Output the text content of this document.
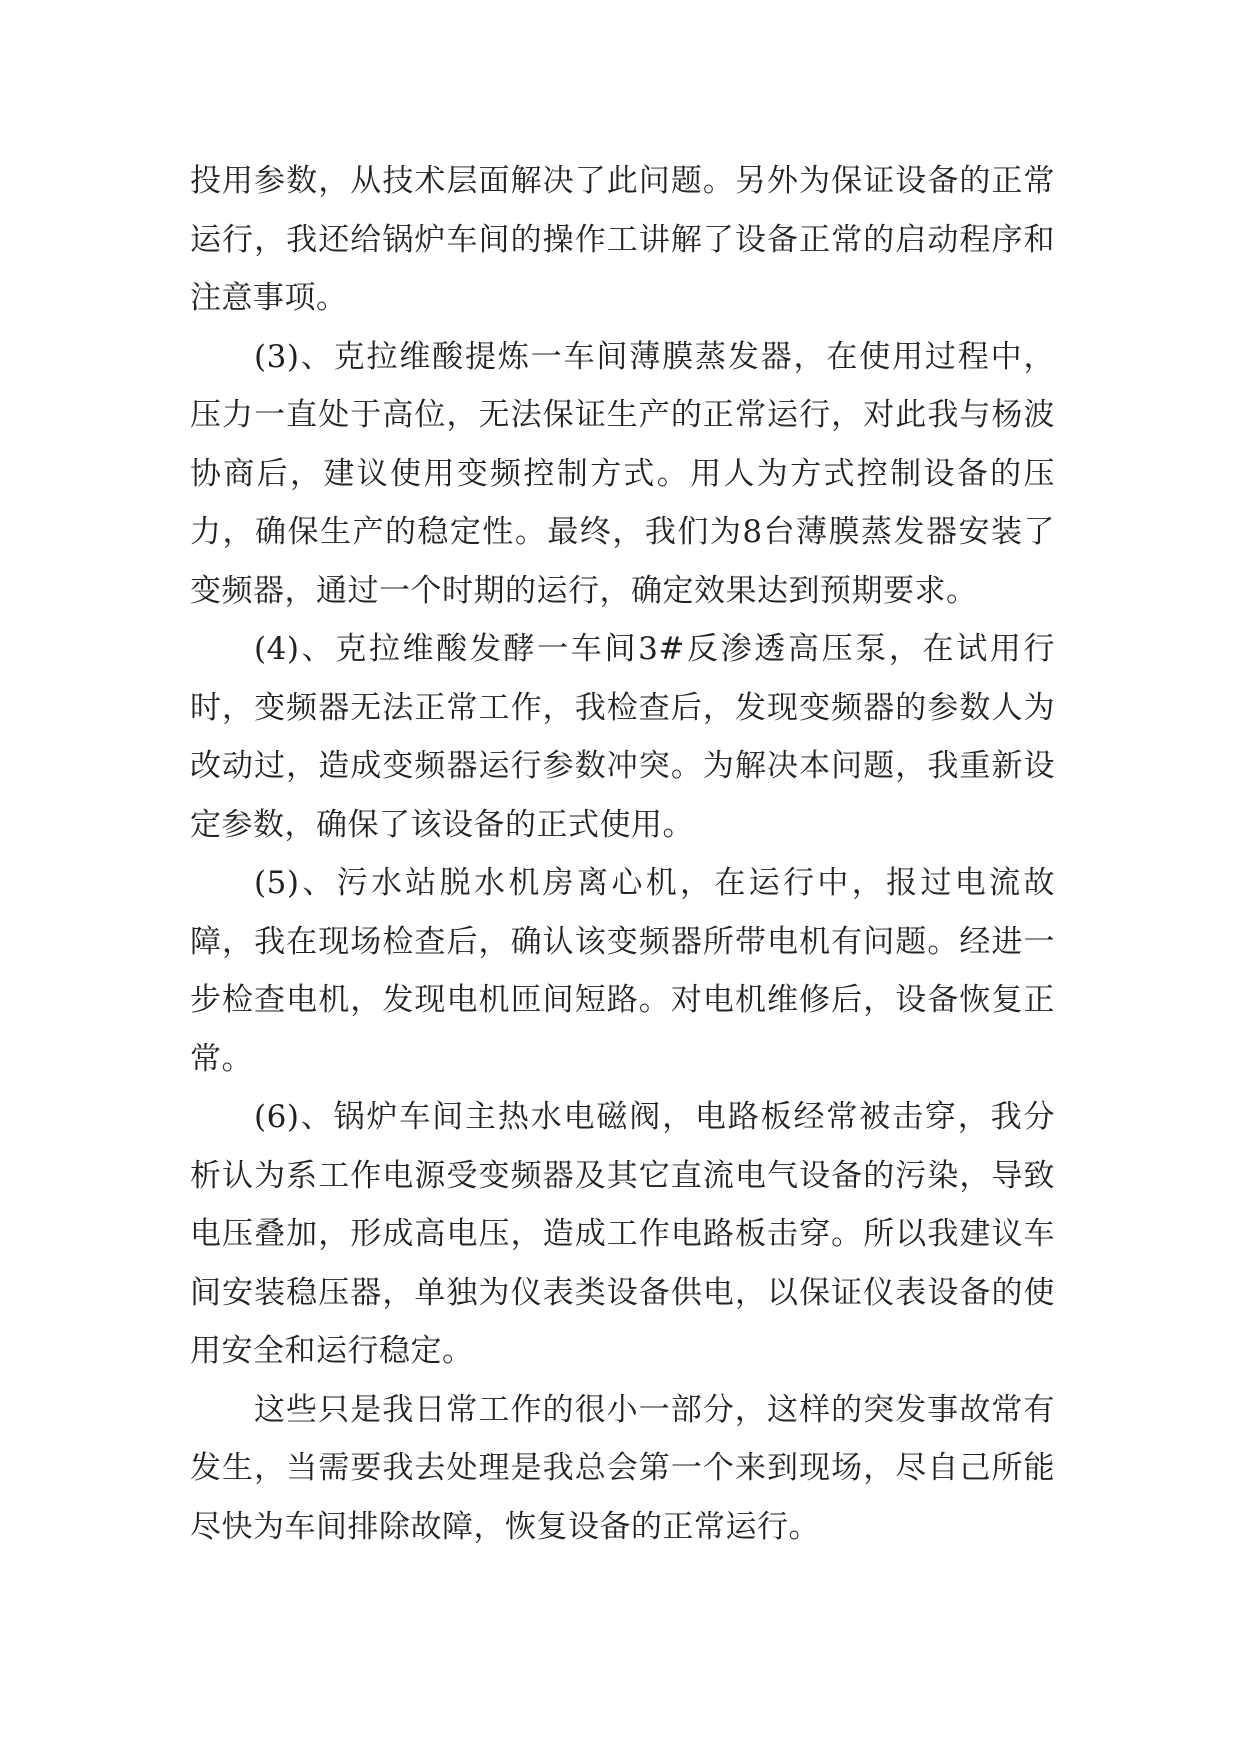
投用参数，从技术层面解决了此问题。另外为保证设备的正常运行，我还给锅炉车间的操作工讲解了设备正常的启动程序和注意事项。

(3)、克拉维酸提炼一车间薄膜蒸发器，在使用过程中，压力一直处于高位，无法保证生产的正常运行，对此我与杨波协商后，建议使用变频控制方式。用人为方式控制设备的压力，确保生产的稳定性。最终，我们为8台薄膜蒸发器安装了变频器，通过一个时期的运行，确定效果达到预期要求。

(4)、克拉维酸发酵一车间3#反渗透高压泵，在试用行时，变频器无法正常工作，我检查后，发现变频器的参数人为改动过，造成变频器运行参数冲突。为解决本问题，我重新设定参数，确保了该设备的正式使用。

(5)、污水站脱水机房离心机，在运行中，报过电流故障，我在现场检查后，确认该变频器所带电机有问题。经进一步检查电机，发现电机匝间短路。对电机维修后，设备恢复正常。

(6)、锅炉车间主热水电磁阀，电路板经常被击穿，我分析认为系工作电源受变频器及其它直流电气设备的污染，导致电压叠加，形成高电压，造成工作电路板击穿。所以我建议车间安装稳压器，单独为仪表类设备供电，以保证仪表设备的使用安全和运行稳定。

这些只是我日常工作的很小一部分，这样的突发事故常有发生，当需要我去处理是我总会第一个来到现场，尽自己所能尽快为车间排除故障，恢复设备的正常运行。
